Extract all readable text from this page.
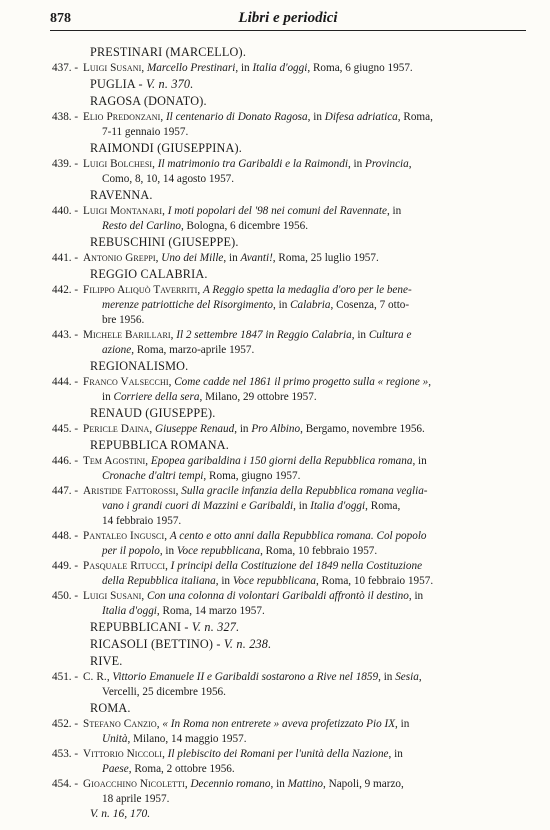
878	Libri e periodici
PRESTINARI (MARCELLO).
437. - Luigi Susani, Marcello Prestinari, in Italia d'oggi, Roma, 6 giugno 1957.
PUGLIA - V. n. 370.
RAGOSA (DONATO).
438. - Elio Predonzani, Il centenario di Donato Ragosa, in Difesa adriatica, Roma,
7-11 gennaio 1957.
RAIMONDI (GIUSEPPINA).
439. - Luigi Bolchesi, Il matrimonio tra Garibaldi e la Raimondi, in Provincia,
Como, 8, 10, 14 agosto 1957.
RAVENNA.
440. - Luigi Montanari, I moti popolari del '98 nei comuni del Ravennate, in
Resto del Carlino, Bologna, 6 dicembre 1956.
REBUSCHINI (GIUSEPPE).
441. - Antonio Greppi, Uno dei Mille, in Avanti!, Roma, 25 luglio 1957.
REGGIO CALABRIA.
442. - Filippo Aliquò Taverriti, A Reggio spetta la medaglia d'oro per le bene-
merenze patriottiche del Risorgimento, in Calabria, Cosenza, 7 otto-
bre 1956.
443. - Michele Barillari, Il 2 settembre 1847 in Reggio Calabria, in Cultura e
azione, Roma, marzo-aprile 1957.
REGIONALISMO.
444. - Franco Valsecchi, Come cadde nel 1861 il primo progetto sulla « regione »,
in Corriere della sera, Milano, 29 ottobre 1957.
RENAUD (GIUSEPPE).
445. - Pericle Daina, Giuseppe Renaud, in Pro Albino, Bergamo, novembre 1956.
REPUBBLICA ROMANA.
446. - Tem Agostini, Epopea garibaldina i 150 giorni della Repubblica romana, in
Cronache d'altri tempi, Roma, giugno 1957.
447. - Aristide Fattorossi, Sulla gracile infanzia della Repubblica romana veglia-
vano i grandi cuori di Mazzini e Garibaldi, in Italia d'oggi, Roma,
14 febbraio 1957.
448. - Pantaleo Ingusci, A cento e otto anni dalla Repubblica romana. Col popolo
per il popolo, in Voce repubblicana, Roma, 10 febbraio 1957.
449. - Pasquale Ritucci, I principi della Costituzione del 1849 nella Costituzione
della Repubblica italiana, in Voce repubblicana, Roma, 10 febbraio 1957.
450. - Luigi Susani, Con una colonna di volontari Garibaldi affrontò il destino, in
Italia d'oggi, Roma, 14 marzo 1957.
REPUBBLICANI - V. n. 327.
RICASOLI (BETTINO) - V. n. 238.
RIVE.
451. - C. R., Vittorio Emanuele II e Garibaldi sostarono a Rive nel 1859, in Sesia,
Vercelli, 25 dicembre 1956.
ROMA.
452. - Stefano Canzio, « In Roma non entrerete » aveva profetizzato Pio IX, in
Unità, Milano, 14 maggio 1957.
453. - Vittorio Niccoli, Il plebiscito dei Romani per l'unità della Nazione, in
Paese, Roma, 2 ottobre 1956.
454. - Gioacchino Nicoletti, Decennio romano, in Mattino, Napoli, 9 marzo,
18 aprile 1957.
V. n. 16, 170.
